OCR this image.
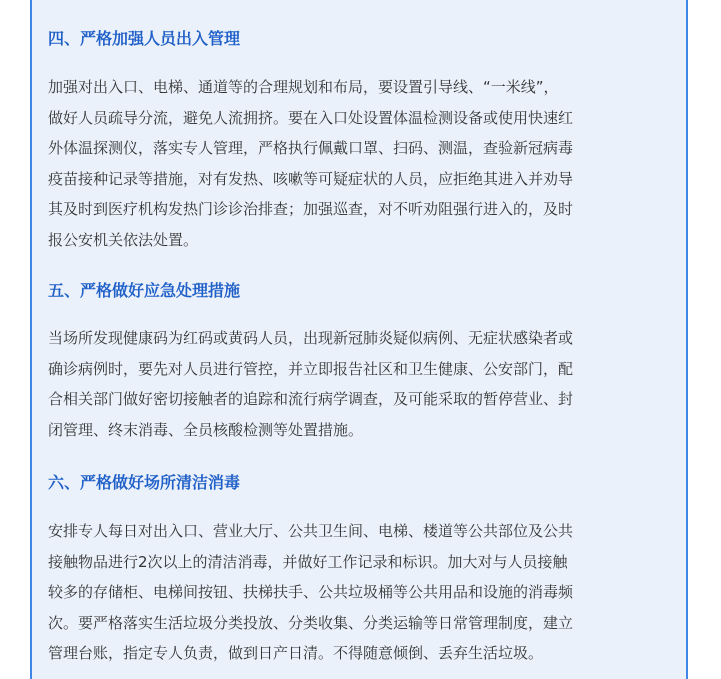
四、严格加强人员出入管理
加强对出入口、电梯、通道等的合理规划和布局，要设置引导线、“一米线”，
做好人员疏导分流，避免人流拥挤。要在入口处设置体温检测设备或使用快速红
外体温探测仪，落实专人管理，严格执行佩戴口罩、扫码、测温，查验新冠病毒
疫苗接种记录等措施，对有发热、咳嗽等可疑症状的人员，应拒绝其进入并劝导
其及时到医疗机构发热门诊诊治排查；加强巡查，对不听劝阻强行进入的，及时
报公安机关依法处置。
五、严格做好应急处理措施
当场所发现健康码为红码或黄码人员，出现新冠肺炎疑似病例、无症状感染者或
确诊病例时，要先对人员进行管控，并立即报告社区和卫生健康、公安部门，配
合相关部门做好密切接触者的追踪和流行病学调查，及可能采取的暂停营业、封
闭管理、终末消毒、全员核酸检测等处置措施。
六、严格做好场所清洁消毒
安排专人每日对出入口、营业大厅、公共卫生间、电梯、楼道等公共部位及公共
接触物品进行2次以上的清洁消毒，并做好工作记录和标识。加大对与人员接触
较多的存储柜、电梯间按钮、扶梯扶手、公共垃圾桶等公共用品和设施的消毒频
次。要严格落实生活垃圾分类投放、分类收集、分类运输等日常管理制度，建立
管理台账，指定专人负责，做到日产日清。不得随意倾倒、丢弃生活垃圾。
